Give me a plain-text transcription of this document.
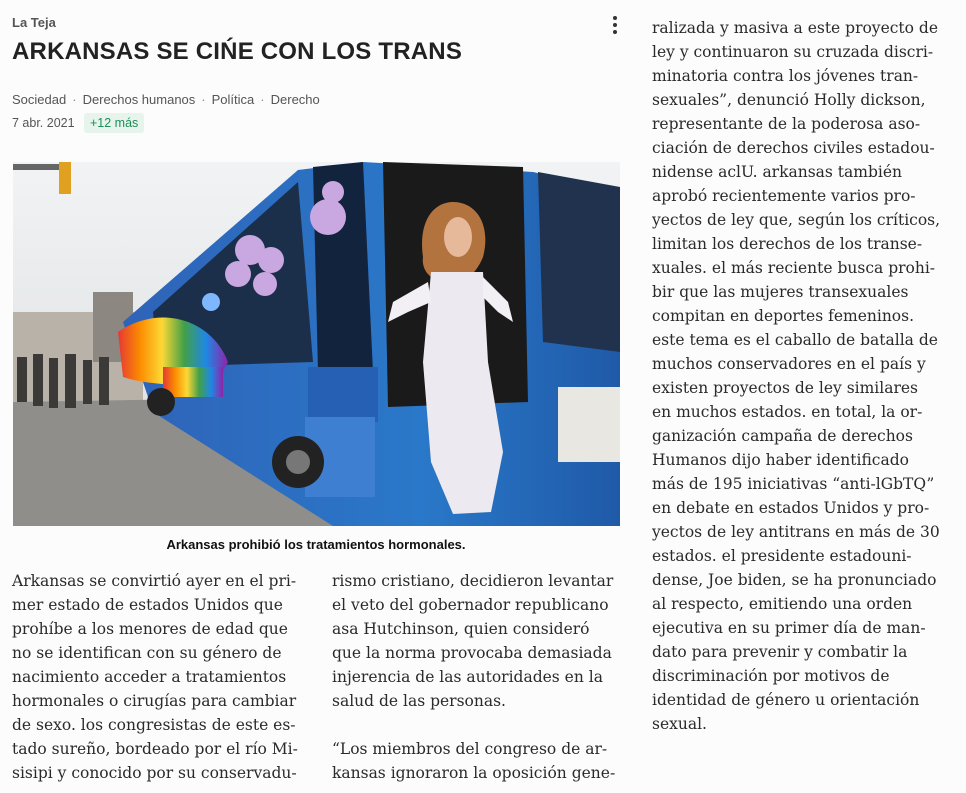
La Teja
ARKANSAS SE CIŃE CON LOS TRANS
Sociedad · Derechos humanos · Política · Derecho
7 abr. 2021	+12 más
Arkansas prohibió los tratamientos hormonales.

Arkansas se convirtió ayer en el pri-
mer estado de estados Unidos que
prohíbe a los menores de edad que
no se identifican con su género de
nacimiento acceder a tratamientos
hormonales o cirugías para cambiar
de sexo. los congresistas de este es-
tado sureño, bordeado por el río Mi-
sisipi y conocido por su conservadu-

rismo cristiano, decidieron levantar
el veto del gobernador republicano
asa Hutchinson, quien consideró
que la norma provocaba demasiada
injerencia de las autoridades en la
salud de las personas.

“Los miembros del congreso de ar-
kansas ignoraron la oposición gene-

ralizada y masiva a este proyecto de
ley y continuaron su cruzada discri-
minatoria contra los jóvenes tran-
sexuales”, denunció Holly dickson,
representante de la poderosa aso-
ciación de derechos civiles estadou-
nidense aclU. arkansas también
aprobó recientemente varios pro-
yectos de ley que, según los críticos,
limitan los derechos de los transe-
xuales. el más reciente busca prohi-
bir que las mujeres transexuales
compitan en deportes femeninos.
este tema es el caballo de batalla de
muchos conservadores en el país y
existen proyectos de ley similares
en muchos estados. en total, la or-
ganización campaña de derechos
Humanos dijo haber identificado
más de 195 iniciativas “anti-lGbTQ”
en debate en estados Unidos y pro-
yectos de ley antitrans en más de 30
estados. el presidente estadouni-
dense, Joe biden, se ha pronunciado
al respecto, emitiendo una orden
ejecutiva en su primer día de man-
dato para prevenir y combatir la
discriminación por motivos de
identidad de género u orientación
sexual.
